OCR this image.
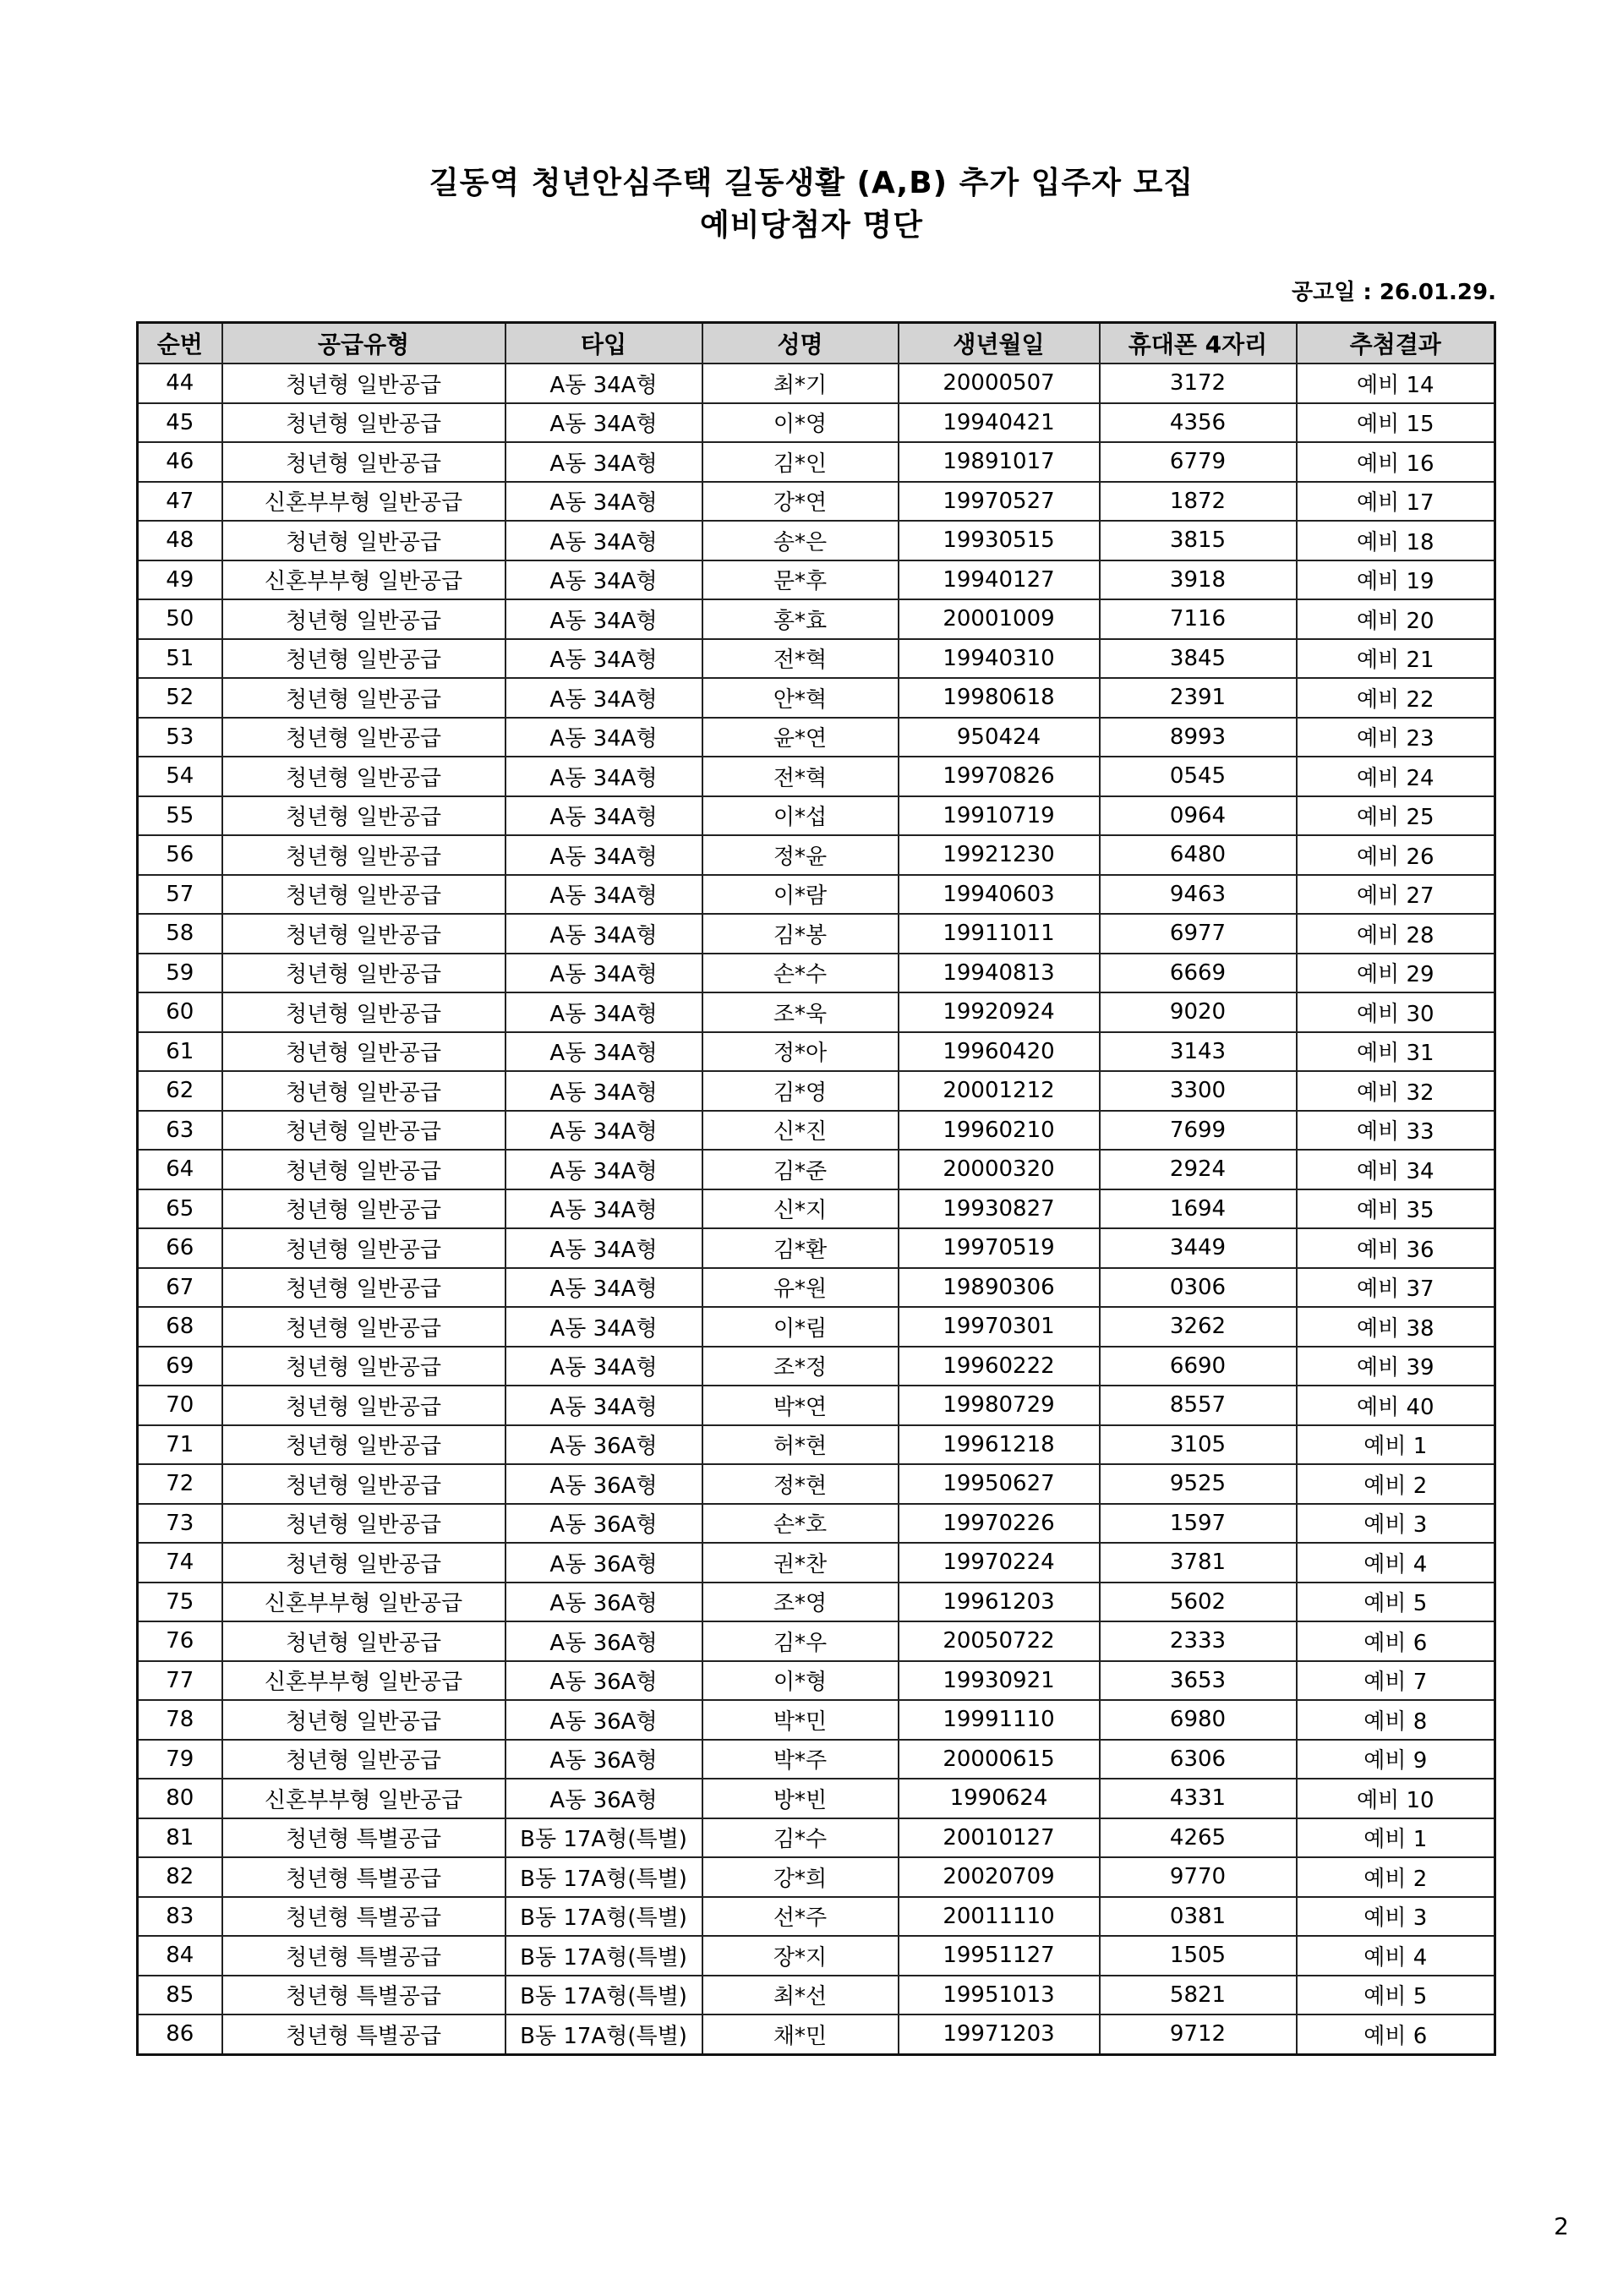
길동역 청년안심주택 길동생활 (A,B) 추가 입주자 모집
예비당첨자 명단
공고일 : 26.01.29.
순번	공급유형	타입	성명	생년월일	휴대폰 4자리	추첨결과
44	청년형 일반공급	A동 34A형	최*기	20000507	3172	예비 14
45	청년형 일반공급	A동 34A형	이*영	19940421	4356	예비 15
46	청년형 일반공급	A동 34A형	김*인	19891017	6779	예비 16
47	신혼부부형 일반공급	A동 34A형	강*연	19970527	1872	예비 17
48	청년형 일반공급	A동 34A형	송*은	19930515	3815	예비 18
49	신혼부부형 일반공급	A동 34A형	문*후	19940127	3918	예비 19
50	청년형 일반공급	A동 34A형	홍*효	20001009	7116	예비 20
51	청년형 일반공급	A동 34A형	전*혁	19940310	3845	예비 21
52	청년형 일반공급	A동 34A형	안*혁	19980618	2391	예비 22
53	청년형 일반공급	A동 34A형	윤*연	950424	8993	예비 23
54	청년형 일반공급	A동 34A형	전*혁	19970826	0545	예비 24
55	청년형 일반공급	A동 34A형	이*섭	19910719	0964	예비 25
56	청년형 일반공급	A동 34A형	정*윤	19921230	6480	예비 26
57	청년형 일반공급	A동 34A형	이*람	19940603	9463	예비 27
58	청년형 일반공급	A동 34A형	김*봉	19911011	6977	예비 28
59	청년형 일반공급	A동 34A형	손*수	19940813	6669	예비 29
60	청년형 일반공급	A동 34A형	조*욱	19920924	9020	예비 30
61	청년형 일반공급	A동 34A형	정*아	19960420	3143	예비 31
62	청년형 일반공급	A동 34A형	김*영	20001212	3300	예비 32
63	청년형 일반공급	A동 34A형	신*진	19960210	7699	예비 33
64	청년형 일반공급	A동 34A형	김*준	20000320	2924	예비 34
65	청년형 일반공급	A동 34A형	신*지	19930827	1694	예비 35
66	청년형 일반공급	A동 34A형	김*환	19970519	3449	예비 36
67	청년형 일반공급	A동 34A형	유*원	19890306	0306	예비 37
68	청년형 일반공급	A동 34A형	이*림	19970301	3262	예비 38
69	청년형 일반공급	A동 34A형	조*정	19960222	6690	예비 39
70	청년형 일반공급	A동 34A형	박*연	19980729	8557	예비 40
71	청년형 일반공급	A동 36A형	허*현	19961218	3105	예비 1
72	청년형 일반공급	A동 36A형	정*현	19950627	9525	예비 2
73	청년형 일반공급	A동 36A형	손*호	19970226	1597	예비 3
74	청년형 일반공급	A동 36A형	권*찬	19970224	3781	예비 4
75	신혼부부형 일반공급	A동 36A형	조*영	19961203	5602	예비 5
76	청년형 일반공급	A동 36A형	김*우	20050722	2333	예비 6
77	신혼부부형 일반공급	A동 36A형	이*형	19930921	3653	예비 7
78	청년형 일반공급	A동 36A형	박*민	19991110	6980	예비 8
79	청년형 일반공급	A동 36A형	박*주	20000615	6306	예비 9
80	신혼부부형 일반공급	A동 36A형	방*빈	1990624	4331	예비 10
81	청년형 특별공급	B동 17A형(특별)	김*수	20010127	4265	예비 1
82	청년형 특별공급	B동 17A형(특별)	강*희	20020709	9770	예비 2
83	청년형 특별공급	B동 17A형(특별)	선*주	20011110	0381	예비 3
84	청년형 특별공급	B동 17A형(특별)	장*지	19951127	1505	예비 4
85	청년형 특별공급	B동 17A형(특별)	최*선	19951013	5821	예비 5
86	청년형 특별공급	B동 17A형(특별)	채*민	19971203	9712	예비 6
2
